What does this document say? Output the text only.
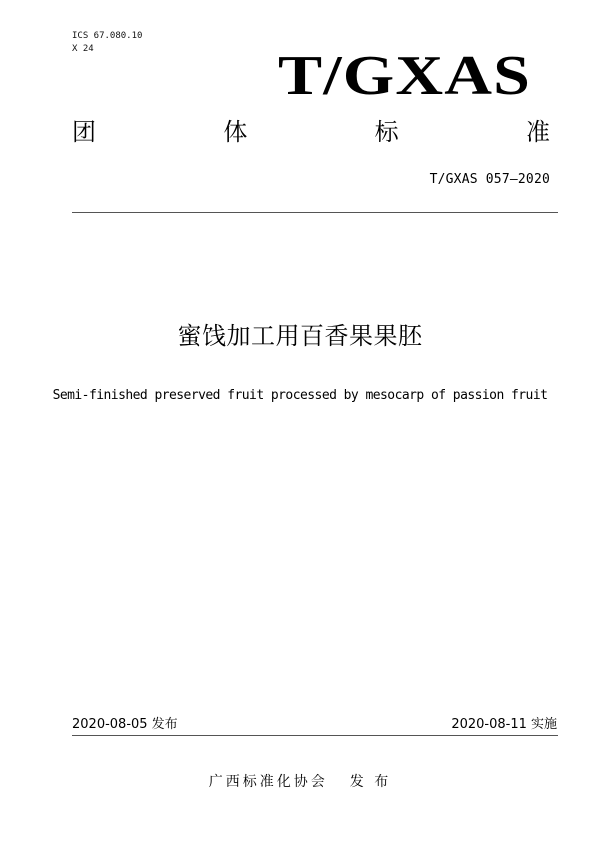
ICS 67.080.10
X 24	T/GXAS
团	体	标	准
T/GXAS 057—2020
蜜饯加工用百香果果胚
Semi-finished preserved fruit processed by mesocarp of passion fruit
2020-08-05 发布	2020-08-11 实施
广西标准化协会 发 布
